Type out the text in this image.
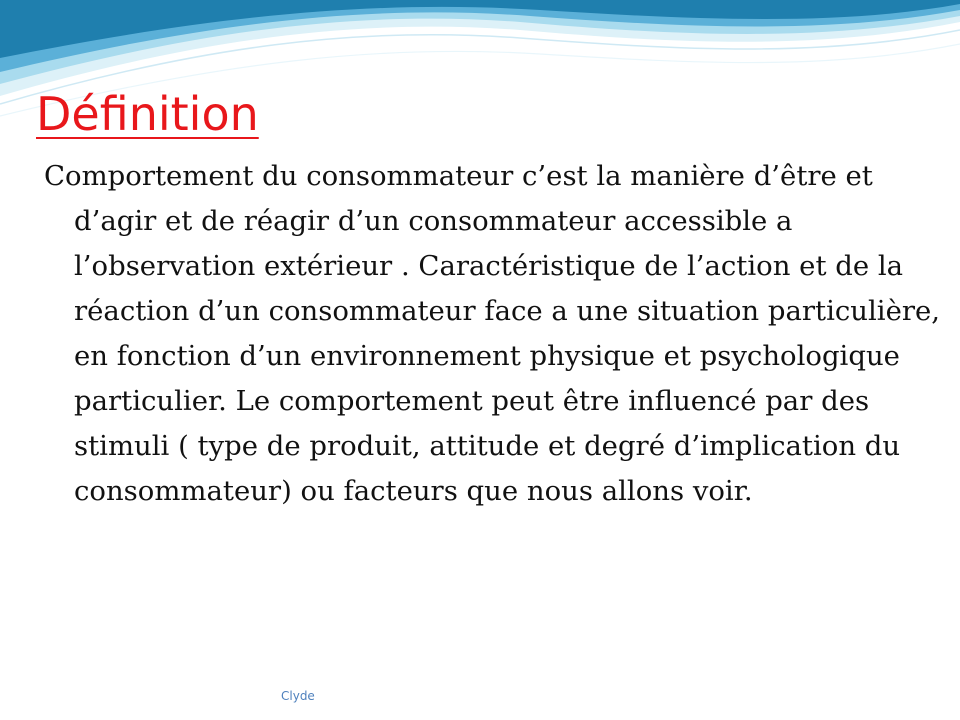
Définition

Comportement du consommateur c’est la manière d’être et d’agir et de réagir d’un consommateur accessible a l’observation extérieur . Caractéristique de l’action et de la réaction d’un consommateur face a une situation particulière, en fonction d’un environnement physique et psychologique particulier. Le comportement peut être influencé par des stimuli ( type de produit, attitude et degré d’implication du consommateur) ou facteurs que nous allons voir.

Clyde
